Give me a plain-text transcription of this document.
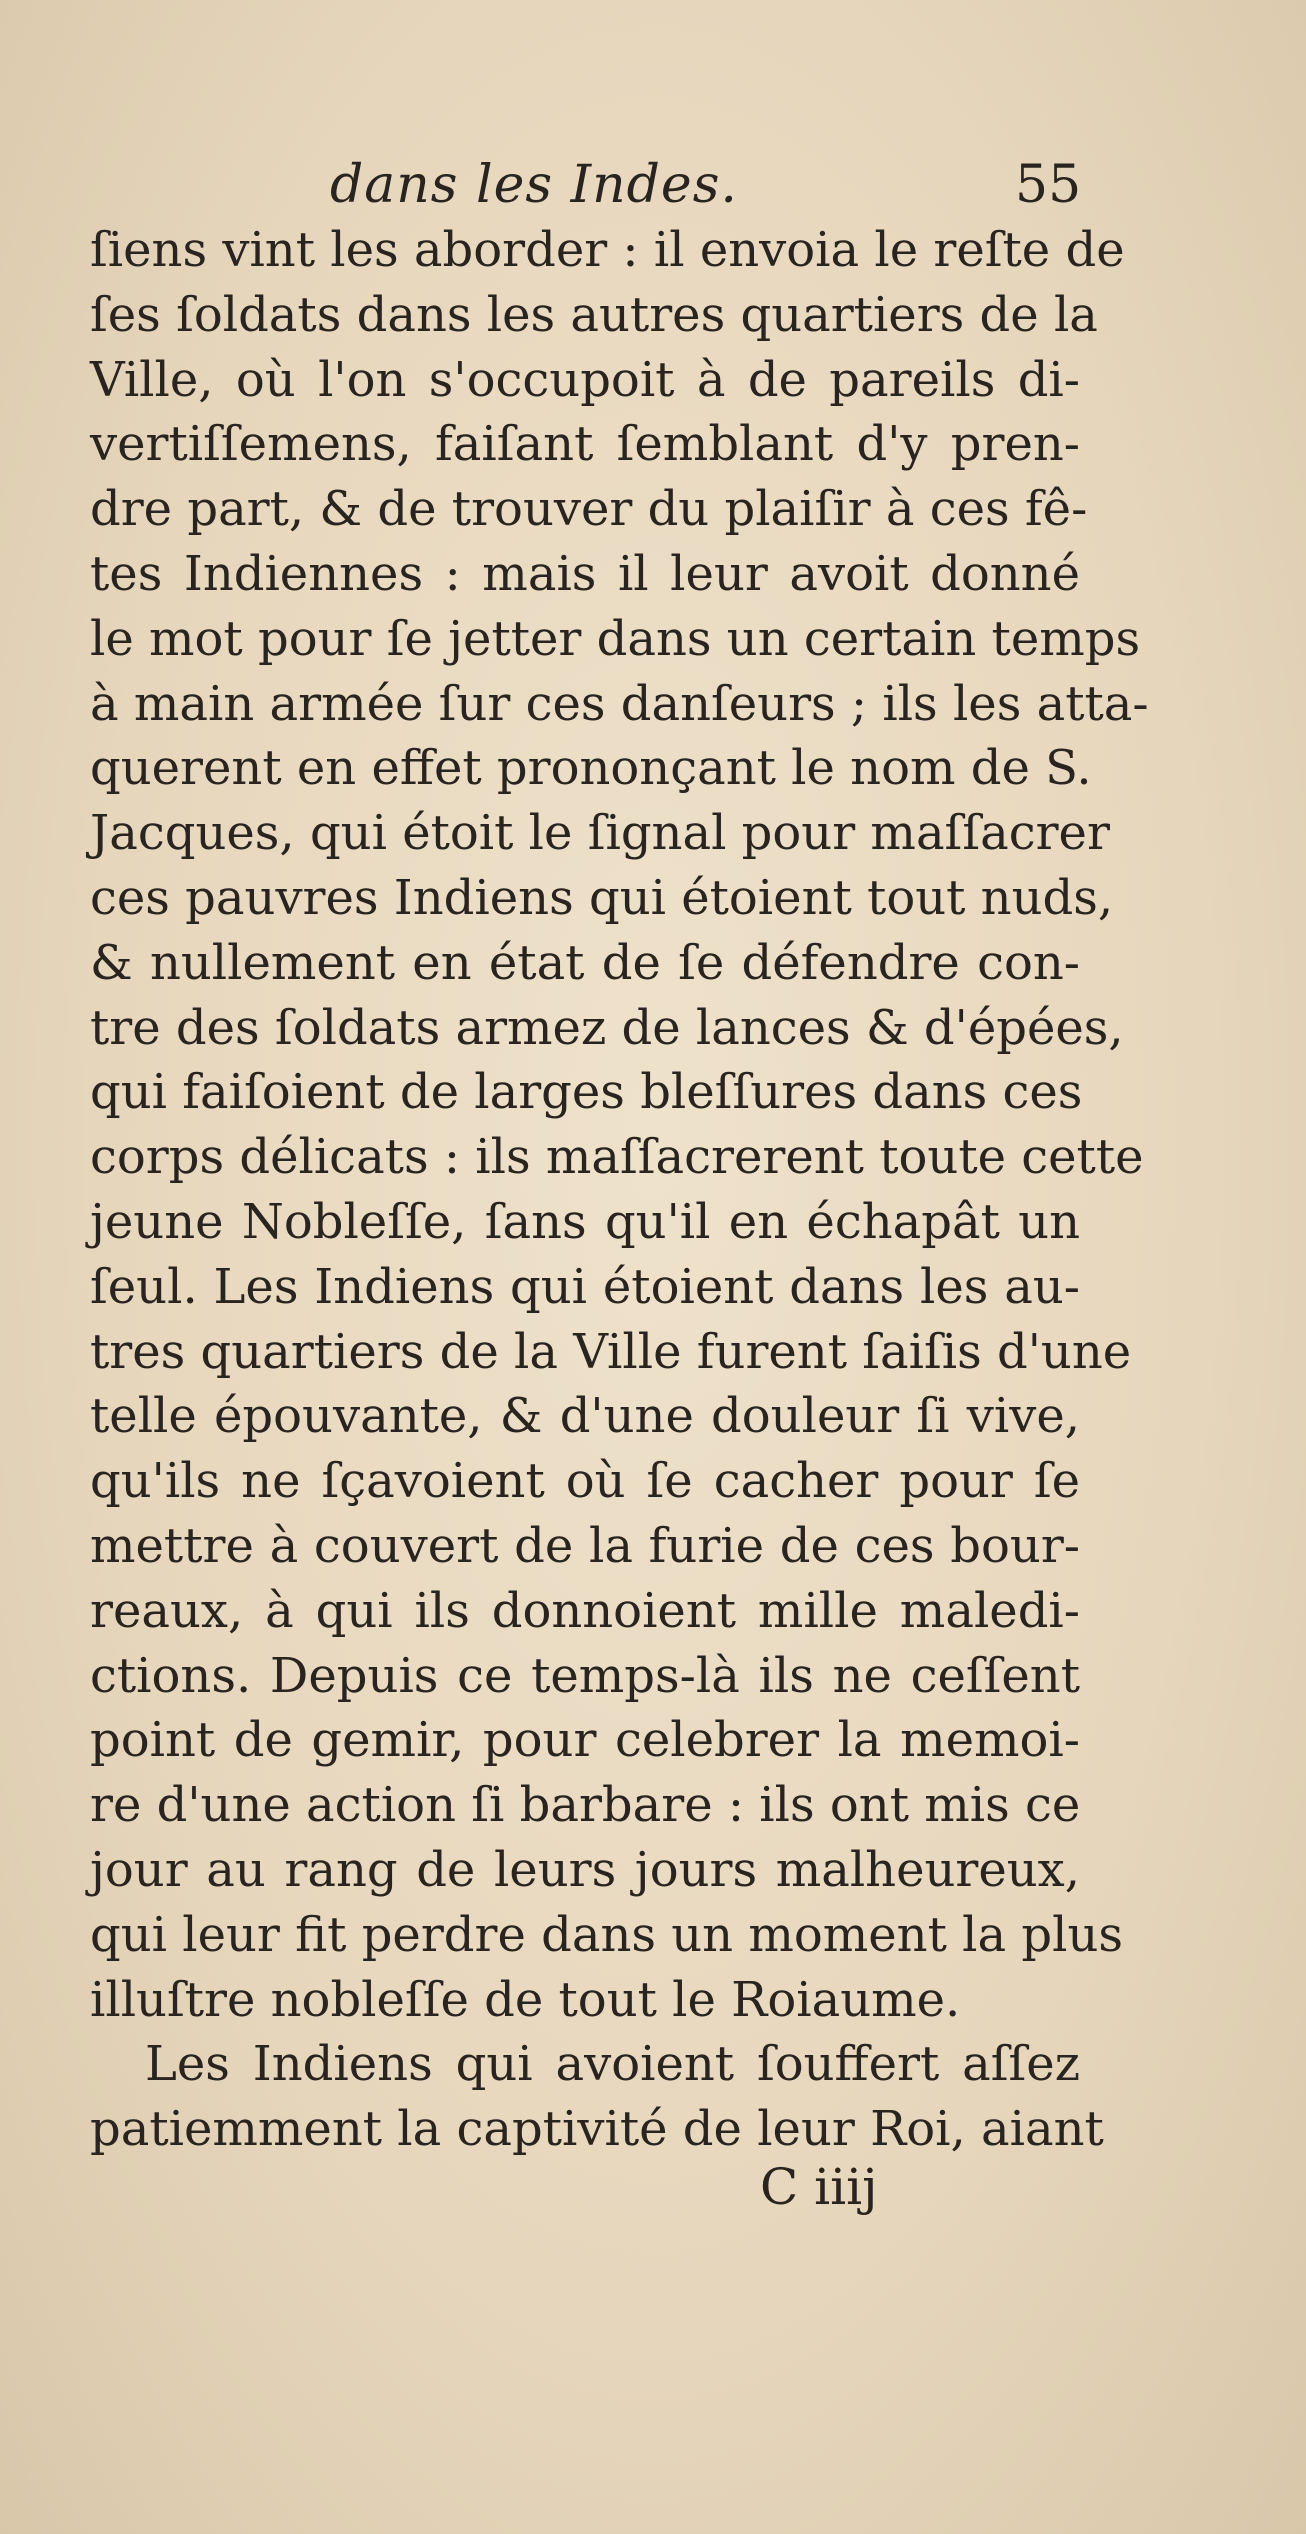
dans les Indes.	55
ſiens vint les aborder : il envoia le reſte de
ſes ſoldats dans les autres quartiers de la
Ville, où l'on s'occupoit à de pareils di-
vertiſſemens, faiſant ſemblant d'y pren-
dre part, & de trouver du plaiſir à ces fê-
tes Indiennes : mais il leur avoit donné
le mot pour ſe jetter dans un certain temps
à main armée ſur ces danſeurs ; ils les atta-
querent en effet prononçant le nom de S.
Jacques, qui étoit le ſignal pour maſſacrer
ces pauvres Indiens qui étoient tout nuds,
& nullement en état de ſe défendre con-
tre des ſoldats armez de lances & d'épées,
qui faiſoient de larges bleſſures dans ces
corps délicats : ils maſſacrerent toute cette
jeune Nobleſſe, ſans qu'il en échapât un
ſeul. Les Indiens qui étoient dans les au-
tres quartiers de la Ville furent ſaiſis d'une
telle épouvante, & d'une douleur ſi vive,
qu'ils ne ſçavoient où ſe cacher pour ſe
mettre à couvert de la furie de ces bour-
reaux, à qui ils donnoient mille maledi-
ctions. Depuis ce temps-là ils ne ceſſent
point de gemir, pour celebrer la memoi-
re d'une action ſi barbare : ils ont mis ce
jour au rang de leurs jours malheureux,
qui leur fit perdre dans un moment la plus
illuſtre nobleſſe de tout le Roiaume.
Les Indiens qui avoient ſouffert aſſez
patiemment la captivité de leur Roi, aiant
C iiij
